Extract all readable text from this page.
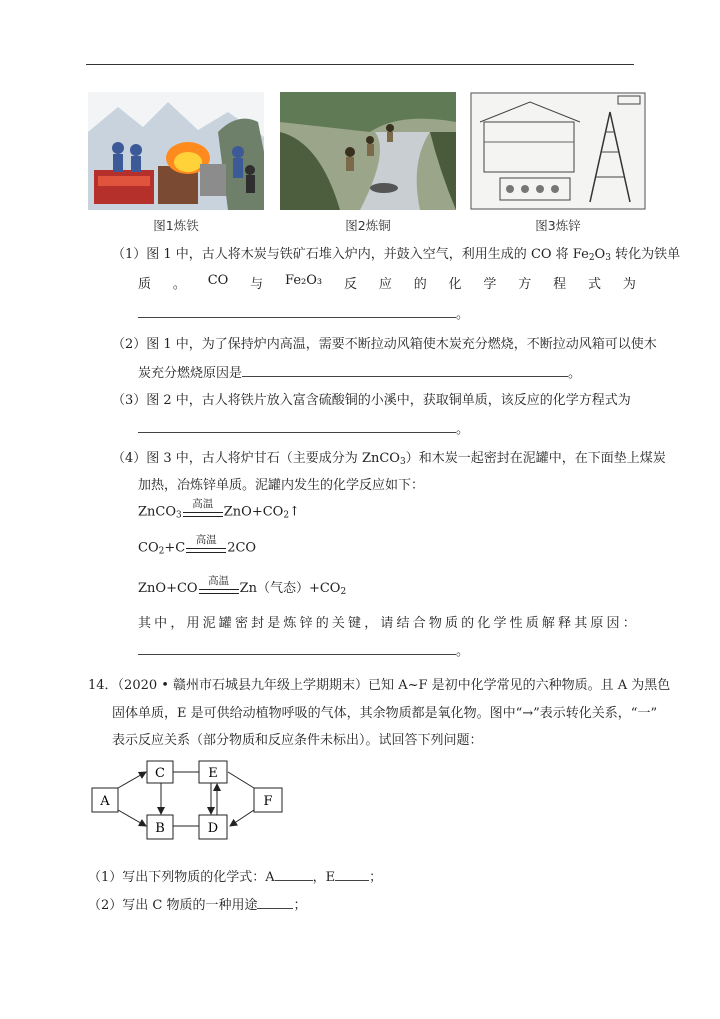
图1炼铁	图2炼铜	图3炼锌
（1）图 1 中，古人将木炭与铁矿石堆入炉内，并鼓入空气，利用生成的 CO 将 $Fe_2O_3$ 转化为铁单
质 。 CO 与 Fe₂O₃ 反 应 的 化 学 方 程 式 为
。
（2）图 1 中，为了保持炉内高温，需要不断拉动风箱使木炭充分燃烧，不断拉动风箱可以使木
炭充分燃烧原因是	。
（3）图 2 中，古人将铁片放入富含硫酸铜的小溪中，获取铜单质，该反应的化学方程式为
。
（4）图 3 中，古人将炉甘石（主要成分为 ZnCO$_3$）和木炭一起密封在泥罐中，在下面垫上煤炭
加热，冶炼锌单质。泥罐内发生的化学反应如下：
ZnCO$_3$
高温
$ZnO+CO_2↑$
$CO_2+C$
高温
2CO
ZnO+CO
高温
Zn（气态）$+CO_2$
其 中 ， 用 泥 罐 密 封 是 炼 锌 的 关 键 ， 请 结 合 物 质 的 化 学 性 质 解 释 其 原 因 ：
。
14．（2020 • 赣州市石城县九年级上学期期末）已知 A~F 是初中化学常见的六种物质。且 A 为黑色
固体单质，E 是可供给动植物呼吸的气体，其余物质都是氧化物。图中“→”表示转化关系，“一”
表示反应关系（部分物质和反应条件未标出）。试回答下列问题：
A
C
B
E
D
F
（1）写出下列物质的化学式：A	，E	；
（2）写出 C 物质的一种用途	；
